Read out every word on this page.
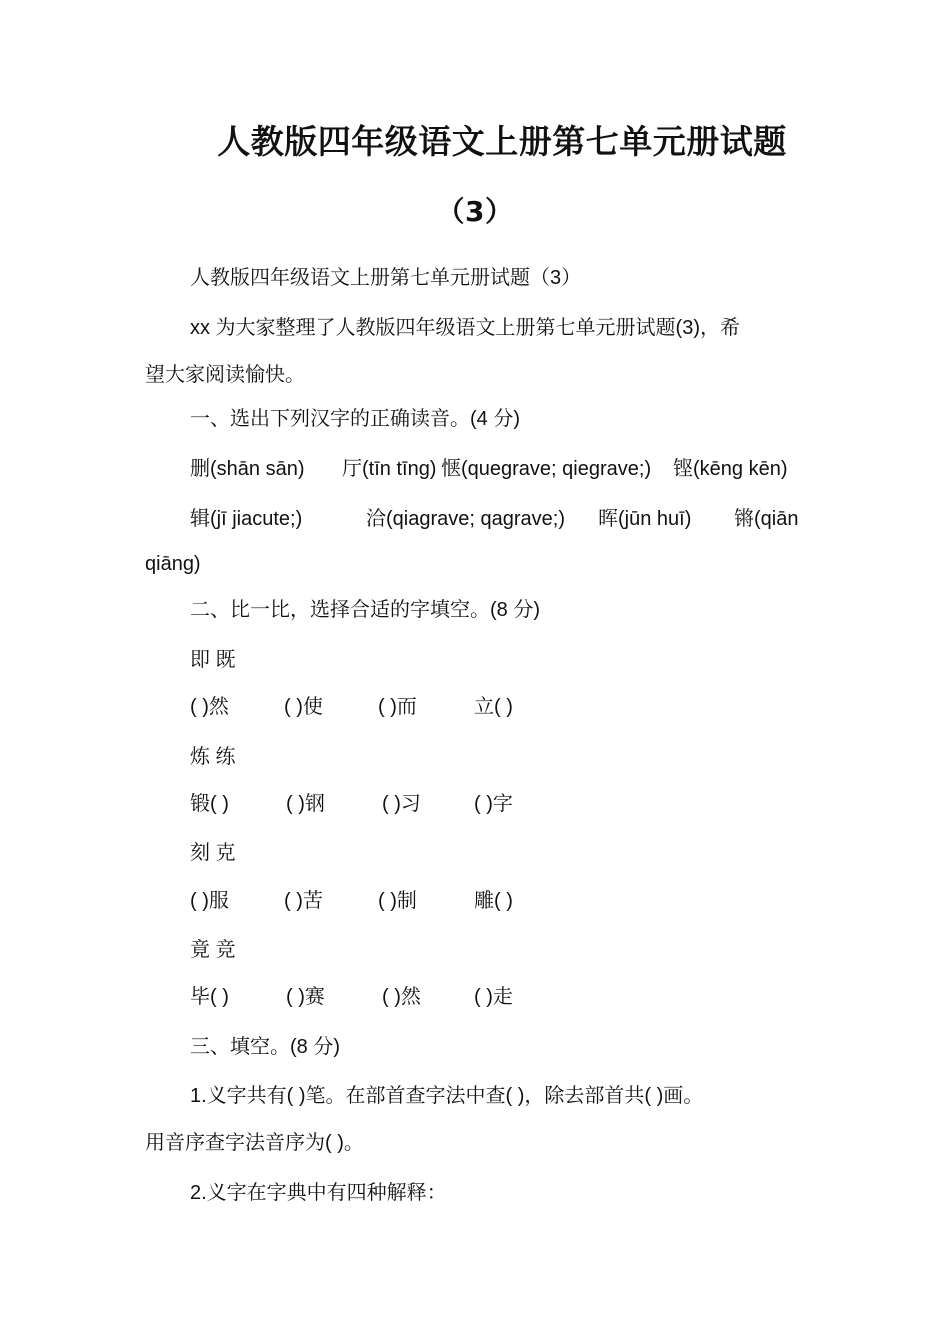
人教版四年级语文上册第七单元册试题
（3）
人教版四年级语文上册第七单元册试题（3）
xx 为大家整理了人教版四年级语文上册第七单元册试题(3)，希
望大家阅读愉快。
一、选出下列汉字的正确读音。(4 分)
删(shān sān) 厅(tīn tīng) 惬(quegrave; qiegrave;) 铿(kēng kēn)
辑(jī jiacute;)	洽(qiagrave; qagrave;) 晖(jūn huī) 锵(qiān
qiāng)
二、比一比，选择合适的字填空。(8 分)
即 既
( )然	( )使	( )而	立( )
炼 练
锻( )	( )钢	( )习	( )字
刻 克
( )服	( )苦	( )制	雕( )
竟 竞
毕( )	( )赛	( )然	( )走
三、填空。(8 分)
1.义字共有( )笔。在部首查字法中查( )，除去部首共( )画。
用音序查字法音序为( )。
2.义字在字典中有四种解释：
